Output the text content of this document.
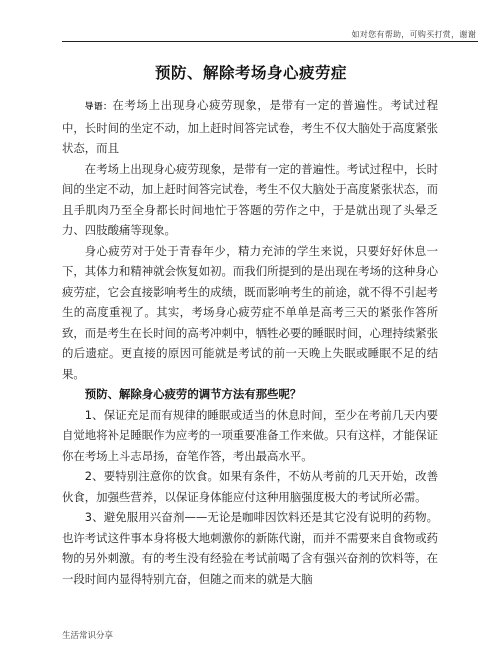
如对您有帮助，可购买打赏，谢谢
预防、解除考场身心疲劳症

导语：在考场上出现身心疲劳现象，是带有一定的普遍性。考试过程中，长时间的坐定不动，加上赶时间答完试卷，考生不仅大脑处于高度紧张状态，而且

在考场上出现身心疲劳现象，是带有一定的普遍性。考试过程中，长时间的坐定不动，加上赶时间答完试卷，考生不仅大脑处于高度紧张状态，而且手肌肉乃至全身都长时间地忙于答题的劳作之中，于是就出现了头晕乏力、四肢酸痛等现象。

身心疲劳对于处于青春年少，精力充沛的学生来说，只要好好休息一下，其体力和精神就会恢复如初。而我们所提到的是出现在考场的这种身心疲劳症，它会直接影响考生的成绩，既而影响考生的前途，就不得不引起考生的高度重视了。其实，考场身心疲劳症不单单是高考三天的紧张作答所致，而是考生在长时间的高考冲刺中，牺牲必要的睡眠时间，心理持续紧张的后遗症。更直接的原因可能就是考试的前一天晚上失眠或睡眠不足的结果。

预防、解除身心疲劳的调节方法有那些呢？

1、保证充足而有规律的睡眠或适当的休息时间，至少在考前几天内要自觉地将补足睡眠作为应考的一项重要准备工作来做。只有这样，才能保证你在考场上斗志昂扬，奋笔作答，考出最高水平。

2、要特别注意你的饮食。如果有条件，不妨从考前的几天开始，改善伙食，加强些营养，以保证身体能应付这种用脑强度极大的考试所必需。

3、避免服用兴奋剂——无论是咖啡因饮料还是其它没有说明的药物。也许考试这件事本身将极大地刺激你的新陈代谢，而并不需要来自食物或药物的另外刺激。有的考生没有经验在考试前喝了含有强兴奋剂的饮料等，在一段时间内显得特别亢奋，但随之而来的就是大脑

生活常识分享
